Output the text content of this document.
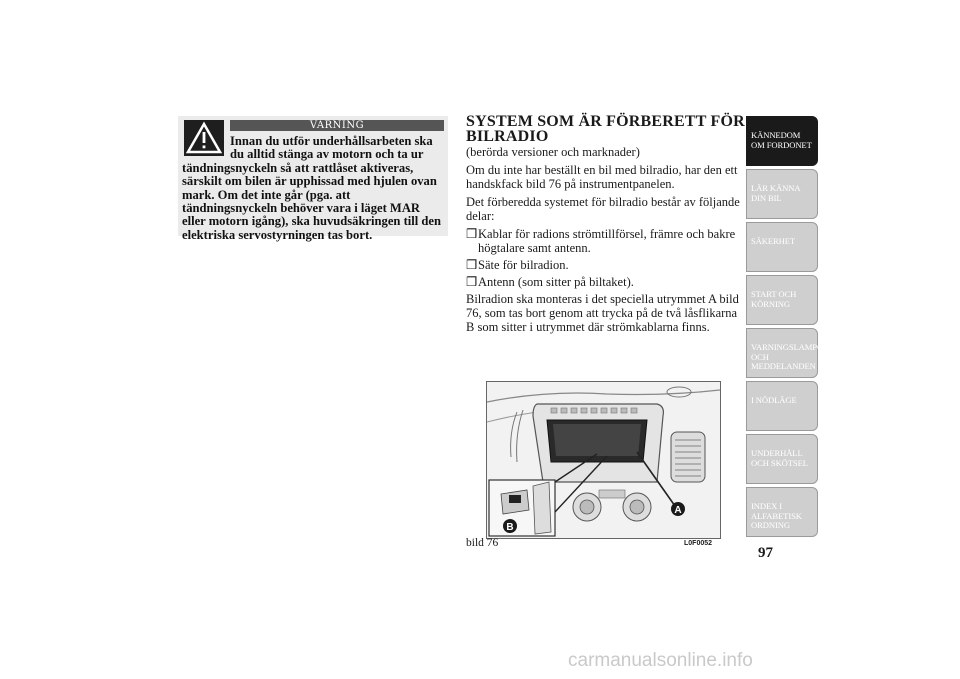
VARNING
Innan du utför underhållsarbeten ska du alltid stänga av motorn och ta ur
tändningsnyckeln så att rattlåset aktiveras, särskilt om bilen är upphissad med hjulen ovan mark. Om det inte går (pga. att tändningsnyckeln behöver vara i läget MAR eller motorn igång), ska huvudsäkringen till den elektriska servostyrningen tas bort.
SYSTEM SOM ÄR FÖRBERETT FÖR BILRADIO
(berörda versioner och marknader)

Om du inte har beställt en bil med bilradio, har den ett handskfack bild 76 på instrumentpanelen.

Det förberedda systemet för bilradio består av följande delar:

❒Kablar för radions strömtillförsel, främre och bakre högtalare samt antenn.
❒Säte för bilradion.
❒Antenn (som sitter på biltaket).

Bilradion ska monteras i det speciella utrymmet A bild 76, som tas bort genom att trycka på de två låsflikarna B som sitter i utrymmet där strömkablarna finns.

A
B
bild 76	L0F0052
KÄNNEDOM OM FORDONET
LÄR KÄNNA DIN BIL
SÄKERHET
START OCH KÖRNING
VARNINGSLAMPOR OCH MEDDELANDEN
I NÖDLÄGE
UNDERHÅLL OCH SKÖTSEL
INDEX I ALFABETISK ORDNING
97
carmanualsonline.info
